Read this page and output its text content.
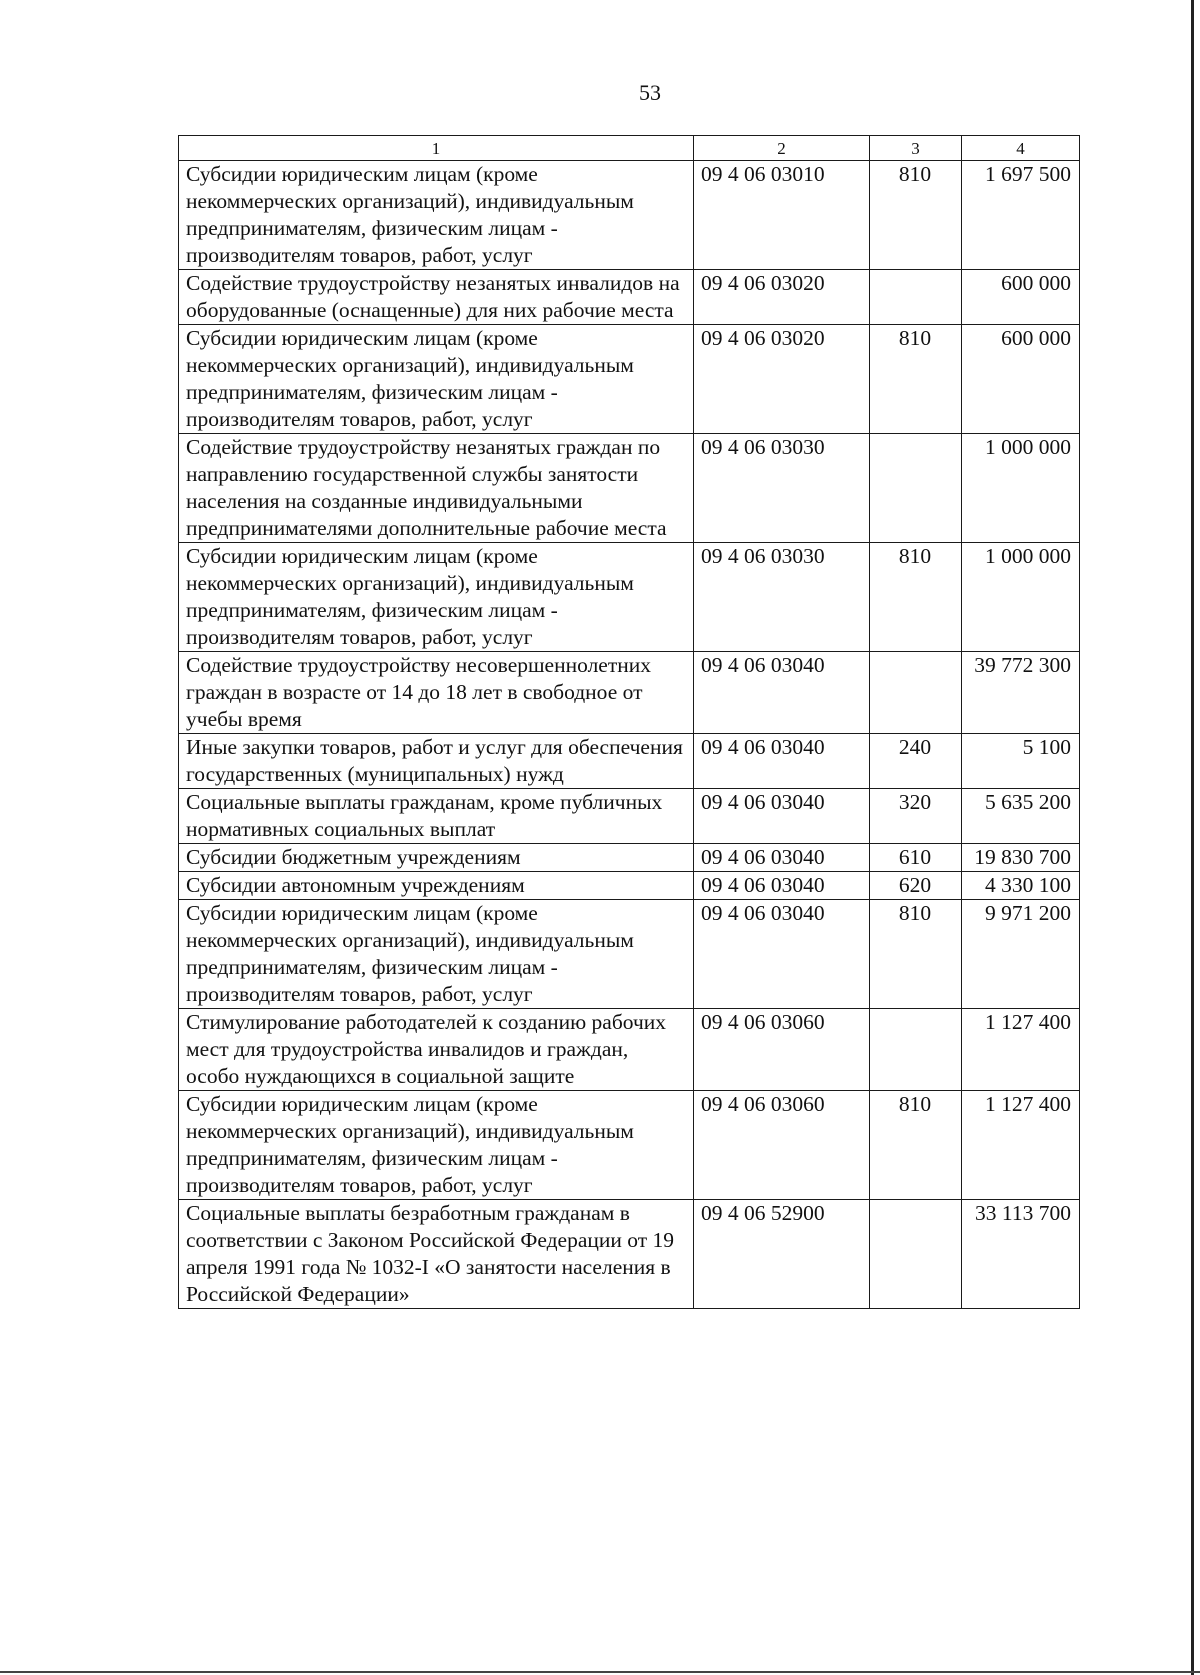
53
1	2	3	4
Субсидии юридическим лицам (кроме некоммерческих организаций), индивидуальным предпринимателям, физическим лицам - производителям товаров, работ, услуг	09 4 06 03010	810	1 697 500
Содействие трудоустройству незанятых инвалидов на оборудованные (оснащенные) для них рабочие места	09 4 06 03020		600 000
Субсидии юридическим лицам (кроме некоммерческих организаций), индивидуальным предпринимателям, физическим лицам - производителям товаров, работ, услуг	09 4 06 03020	810	600 000
Содействие трудоустройству незанятых граждан по направлению государственной службы занятости населения на созданные индивидуальными предпринимателями дополнительные рабочие места	09 4 06 03030		1 000 000
Субсидии юридическим лицам (кроме некоммерческих организаций), индивидуальным предпринимателям, физическим лицам - производителям товаров, работ, услуг	09 4 06 03030	810	1 000 000
Содействие трудоустройству несовершеннолетних граждан в возрасте от 14 до 18 лет в свободное от учебы время	09 4 06 03040		39 772 300
Иные закупки товаров, работ и услуг для обеспечения государственных (муниципальных) нужд	09 4 06 03040	240	5 100
Социальные выплаты гражданам, кроме публичных нормативных социальных выплат	09 4 06 03040	320	5 635 200
Субсидии бюджетным учреждениям	09 4 06 03040	610	19 830 700
Субсидии автономным учреждениям	09 4 06 03040	620	4 330 100
Субсидии юридическим лицам (кроме некоммерческих организаций), индивидуальным предпринимателям, физическим лицам - производителям товаров, работ, услуг	09 4 06 03040	810	9 971 200
Стимулирование работодателей к созданию рабочих мест для трудоустройства инвалидов и граждан, особо нуждающихся в социальной защите	09 4 06 03060		1 127 400
Субсидии юридическим лицам (кроме некоммерческих организаций), индивидуальным предпринимателям, физическим лицам - производителям товаров, работ, услуг	09 4 06 03060	810	1 127 400
Социальные выплаты безработным гражданам в соответствии с Законом Российской Федерации от 19 апреля 1991 года № 1032-I «О занятости населения в Российской Федерации»	09 4 06 52900		33 113 700
